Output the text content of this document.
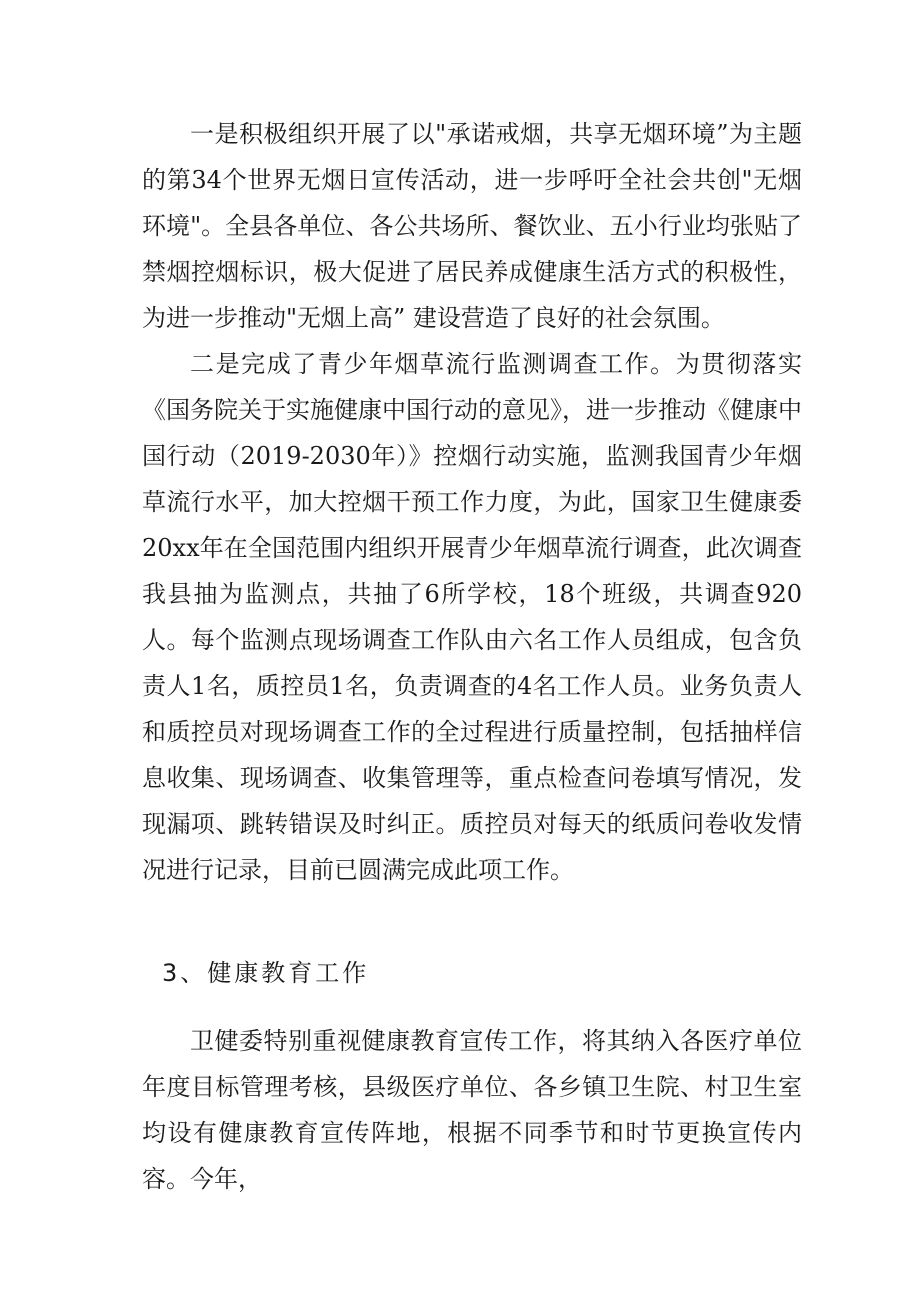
一是积极组织开展了以"承诺戒烟，共享无烟环境”为主题的第34个世界无烟日宣传活动，进一步呼吁全社会共创"无烟环境"。全县各单位、各公共场所、餐饮业、五小行业均张贴了禁烟控烟标识，极大促进了居民养成健康生活方式的积极性，为进一步推动"无烟上高” 建设营造了良好的社会氛围。

二是完成了青少年烟草流行监测调查工作。为贯彻落实《国务院关于实施健康中国行动的意见》，进一步推动《健康中国行动（2019-2030年）》控烟行动实施，监测我国青少年烟草流行水平，加大控烟干预工作力度，为此，国家卫生健康委20xx年在全国范围内组织开展青少年烟草流行调查，此次调查我县抽为监测点，共抽了6所学校，18个班级，共调查920人。每个监测点现场调查工作队由六名工作人员组成，包含负责人1名，质控员1名，负责调查的4名工作人员。业务负责人和质控员对现场调查工作的全过程进行质量控制，包括抽样信息收集、现场调查、收集管理等，重点检查问卷填写情况，发现漏项、跳转错误及时纠正。质控员对每天的纸质问卷收发情况进行记录，目前已圆满完成此项工作。

3、健康教育工作

卫健委特别重视健康教育宣传工作，将其纳入各医疗单位年度目标管理考核，县级医疗单位、各乡镇卫生院、村卫生室均设有健康教育宣传阵地，根据不同季节和时节更换宣传内容。今年，
